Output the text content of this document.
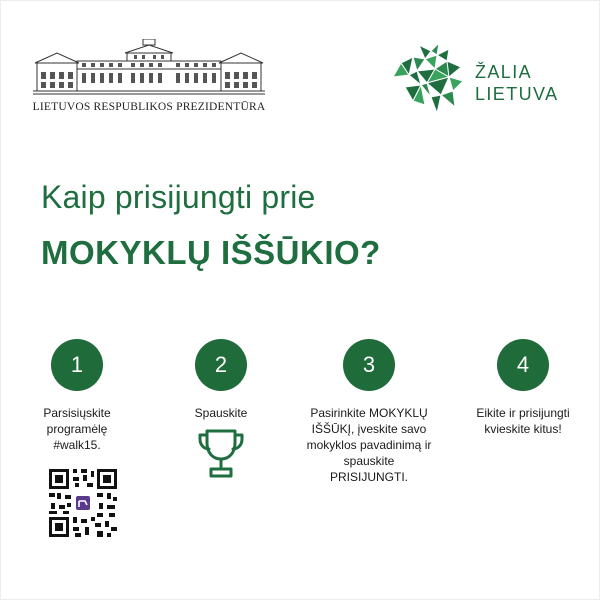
LIETUVOS RESPUBLIKOS PREZIDENTŪRA
ŽALIA
LIETUVA
Kaip prisijungti prie
MOKYKLŲ IŠŠŪKIO?
1
Parsisiųskite
programėlę
#walk15.
2
Spauskite
3
Pasirinkite MOKYKLŲ
IŠŠŪKĮ, įveskite savo
mokyklos pavadinimą ir
spauskite
PRISIJUNGTI.
4
Eikite ir prisijungti
kvieskite kitus!
